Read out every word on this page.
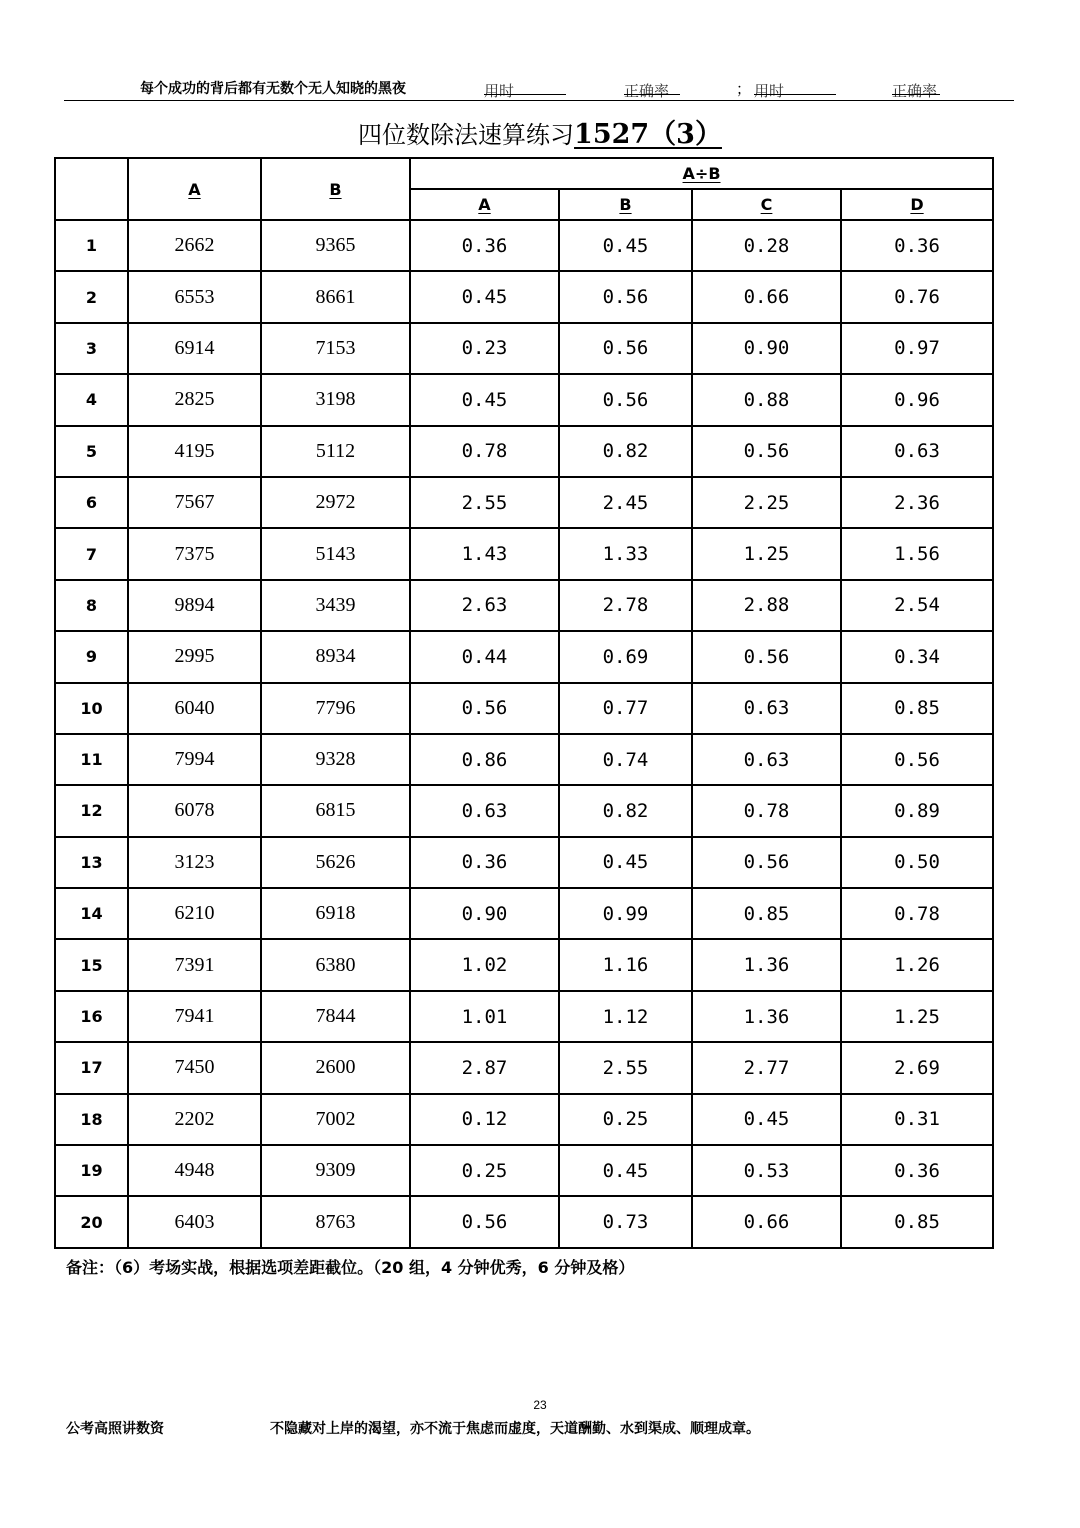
每个成功的背后都有无数个无人知晓的黑夜	用时	正确率	； 用时	正确率
四位数除法速算练习1527（3）
	A	B	A÷B			
			A	B	C	D
1	2662	9365	0.36	0.45	0.28	0.36
2	6553	8661	0.45	0.56	0.66	0.76
3	6914	7153	0.23	0.56	0.90	0.97
4	2825	3198	0.45	0.56	0.88	0.96
5	4195	5112	0.78	0.82	0.56	0.63
6	7567	2972	2.55	2.45	2.25	2.36
7	7375	5143	1.43	1.33	1.25	1.56
8	9894	3439	2.63	2.78	2.88	2.54
9	2995	8934	0.44	0.69	0.56	0.34
10	6040	7796	0.56	0.77	0.63	0.85
11	7994	9328	0.86	0.74	0.63	0.56
12	6078	6815	0.63	0.82	0.78	0.89
13	3123	5626	0.36	0.45	0.56	0.50
14	6210	6918	0.90	0.99	0.85	0.78
15	7391	6380	1.02	1.16	1.36	1.26
16	7941	7844	1.01	1.12	1.36	1.25
17	7450	2600	2.87	2.55	2.77	2.69
18	2202	7002	0.12	0.25	0.45	0.31
19	4948	9309	0.25	0.45	0.53	0.36
20	6403	8763	0.56	0.73	0.66	0.85
备注：（6）考场实战，根据选项差距截位。（20 组，4 分钟优秀，6 分钟及格）
23
公考高照讲数资	不隐藏对上岸的渴望，亦不流于焦虑而虚度，天道酬勤、水到渠成、顺理成章。
